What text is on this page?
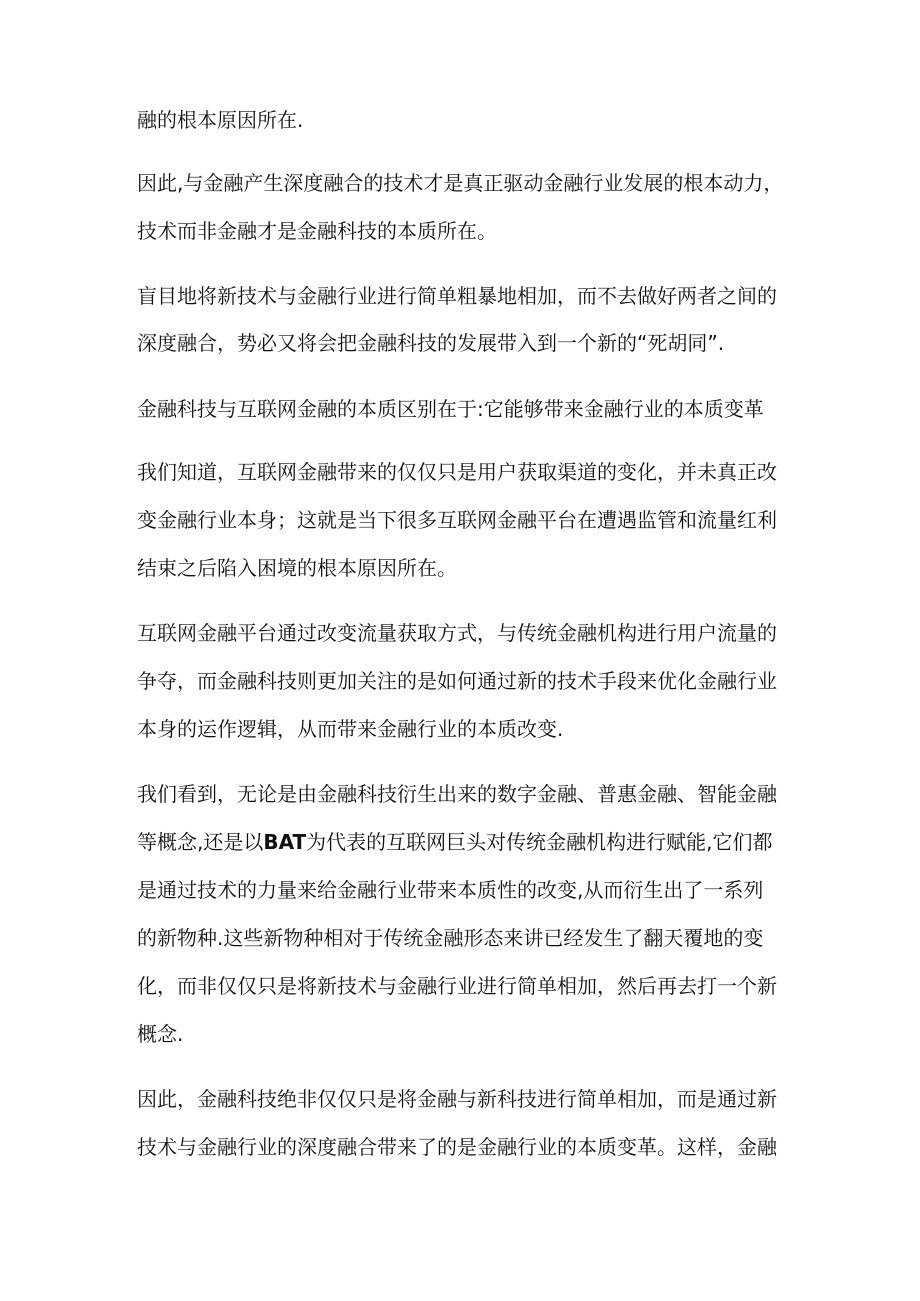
融的根本原因所在.
因此,与金融产生深度融合的技术才是真正驱动金融行业发展的根本动力，
技术而非金融才是金融科技的本质所在。
盲目地将新技术与金融行业进行简单粗暴地相加，而不去做好两者之间的
深度融合，势必又将会把金融科技的发展带入到一个新的“死胡同”.
金融科技与互联网金融的本质区别在于:它能够带来金融行业的本质变革
我们知道，互联网金融带来的仅仅只是用户获取渠道的变化，并未真正改
变金融行业本身；这就是当下很多互联网金融平台在遭遇监管和流量红利
结束之后陷入困境的根本原因所在。
互联网金融平台通过改变流量获取方式，与传统金融机构进行用户流量的
争夺，而金融科技则更加关注的是如何通过新的技术手段来优化金融行业
本身的运作逻辑，从而带来金融行业的本质改变.
我们看到，无论是由金融科技衍生出来的数字金融、普惠金融、智能金融
等概念,还是以BAT为代表的互联网巨头对传统金融机构进行赋能,它们都
是通过技术的力量来给金融行业带来本质性的改变,从而衍生出了一系列
的新物种.这些新物种相对于传统金融形态来讲已经发生了翻天覆地的变
化，而非仅仅只是将新技术与金融行业进行简单相加，然后再去打一个新
概念.
因此，金融科技绝非仅仅只是将金融与新科技进行简单相加，而是通过新
技术与金融行业的深度融合带来了的是金融行业的本质变革。这样，金融
